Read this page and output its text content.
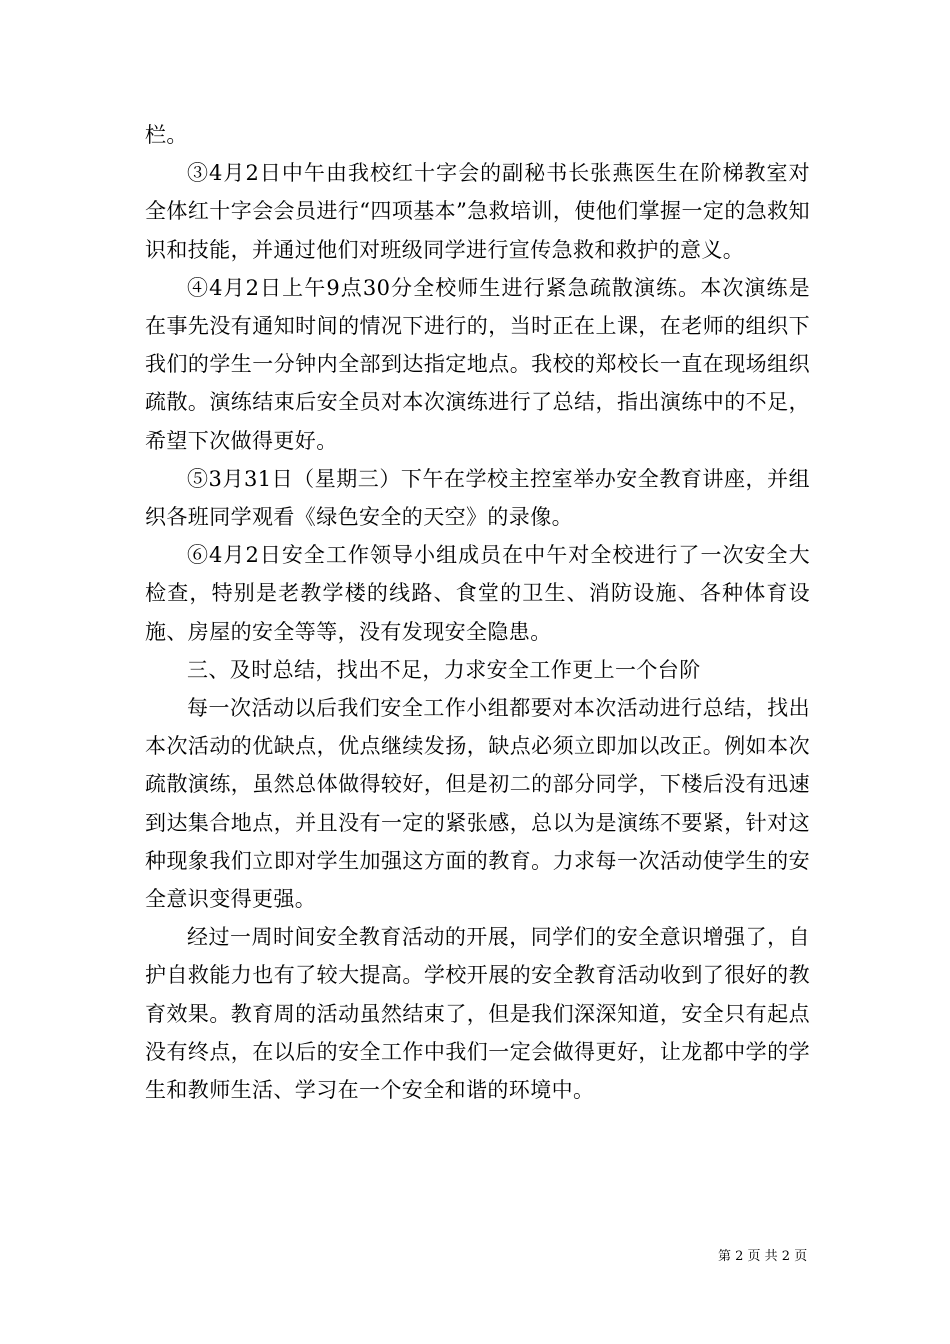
栏。

③4月2日中午由我校红十字会的副秘书长张燕医生在阶梯教室对全体红十字会会员进行“四项基本”急救培训，使他们掌握一定的急救知识和技能，并通过他们对班级同学进行宣传急救和救护的意义。

④4月2日上午9点30分全校师生进行紧急疏散演练。本次演练是在事先没有通知时间的情况下进行的，当时正在上课，在老师的组织下我们的学生一分钟内全部到达指定地点。我校的郑校长一直在现场组织疏散。演练结束后安全员对本次演练进行了总结，指出演练中的不足，希望下次做得更好。

⑤3月31日（星期三）下午在学校主控室举办安全教育讲座，并组织各班同学观看《绿色安全的天空》的录像。

⑥4月2日安全工作领导小组成员在中午对全校进行了一次安全大检查，特别是老教学楼的线路、食堂的卫生、消防设施、各种体育设施、房屋的安全等等，没有发现安全隐患。

三、及时总结，找出不足，力求安全工作更上一个台阶

每一次活动以后我们安全工作小组都要对本次活动进行总结，找出本次活动的优缺点，优点继续发扬，缺点必须立即加以改正。例如本次疏散演练，虽然总体做得较好，但是初二的部分同学，下楼后没有迅速到达集合地点，并且没有一定的紧张感，总以为是演练不要紧，针对这种现象我们立即对学生加强这方面的教育。力求每一次活动使学生的安全意识变得更强。

经过一周时间安全教育活动的开展，同学们的安全意识增强了，自护自救能力也有了较大提高。学校开展的安全教育活动收到了很好的教育效果。教育周的活动虽然结束了，但是我们深深知道，安全只有起点没有终点，在以后的安全工作中我们一定会做得更好，让龙都中学的学生和教师生活、学习在一个安全和谐的环境中。

第 2 页 共 2 页
